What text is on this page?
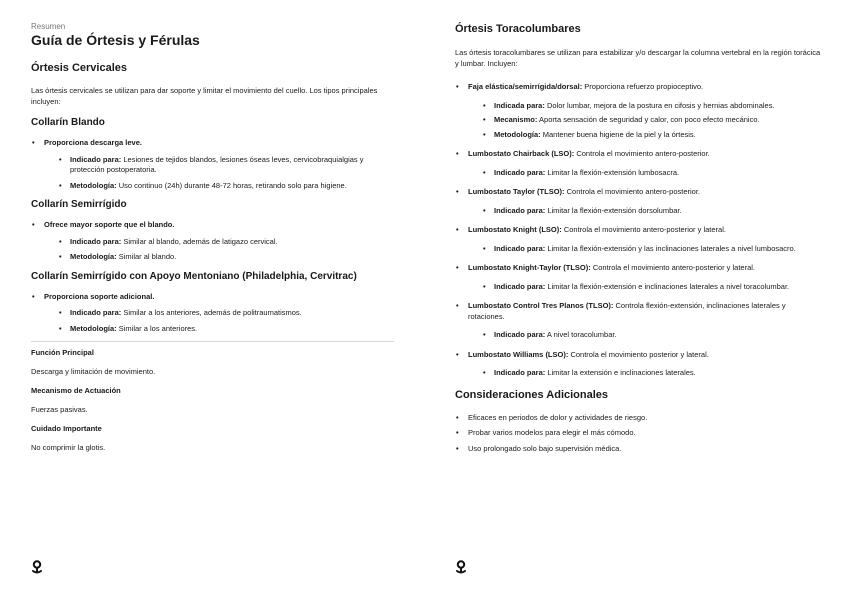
Resumen
Guía de Órtesis y Férulas
Órtesis Cervicales

Las órtesis cervicales se utilizan para dar soporte y limitar el movimiento del cuello. Los tipos principales incluyen:

Collarín Blando
• Proporciona descarga leve.
• Indicado para: Lesiones de tejidos blandos, lesiones óseas leves, cervicobraquialgias y protección postoperatoria.
• Metodología: Uso continuo (24h) durante 48-72 horas, retirando solo para higiene.
Collarín Semirrígido
• Ofrece mayor soporte que el blando.
• Indicado para: Similar al blando, además de latigazo cervical.
• Metodología: Similar al blando.
Collarín Semirrígido con Apoyo Mentoniano (Philadelphia, Cervitrac)
• Proporciona soporte adicional.
• Indicado para: Similar a los anteriores, además de politraumatismos.
• Metodología: Similar a los anteriores.
Función Principal
Descarga y limitación de movimiento.
Mecanismo de Actuación
Fuerzas pasivas.
Cuidado Importante
No comprimir la glotis.
Órtesis Toracolumbares

Las órtesis toracolumbares se utilizan para estabilizar y/o descargar la columna vertebral en la región torácica y lumbar. Incluyen:

• Faja elástica/semirrígida/dorsal: Proporciona refuerzo propioceptivo.
• Indicada para: Dolor lumbar, mejora de la postura en cifosis y hernias abdominales.
• Mecanismo: Aporta sensación de seguridad y calor, con poco efecto mecánico.
• Metodología: Mantener buena higiene de la piel y la órtesis.
• Lumbostato Chairback (LSO): Controla el movimiento antero-posterior.
• Indicado para: Limitar la flexión-extensión lumbosacra.
• Lumbostato Taylor (TLSO): Controla el movimiento antero-posterior.
• Indicado para: Limitar la flexión-extensión dorsolumbar.
• Lumbostato Knight (LSO): Controla el movimiento antero-posterior y lateral.
• Indicado para: Limitar la flexión-extensión y las inclinaciones laterales a nivel lumbosacro.
• Lumbostato Knight-Taylor (TLSO): Controla el movimiento antero-posterior y lateral.
• Indicado para: Limitar la flexión-extensión e inclinaciones laterales a nivel toracolumbar.
• Lumbostato Control Tres Planos (TLSO): Controla flexión-extensión, inclinaciones laterales y rotaciones.
• Indicado para: A nivel toracolumbar.
• Lumbostato Williams (LSO): Controla el movimiento posterior y lateral.
• Indicado para: Limitar la extensión e inclinaciones laterales.
Consideraciones Adicionales
• Eficaces en periodos de dolor y actividades de riesgo.
• Probar varios modelos para elegir el más cómodo.
• Uso prolongado solo bajo supervisión médica.
